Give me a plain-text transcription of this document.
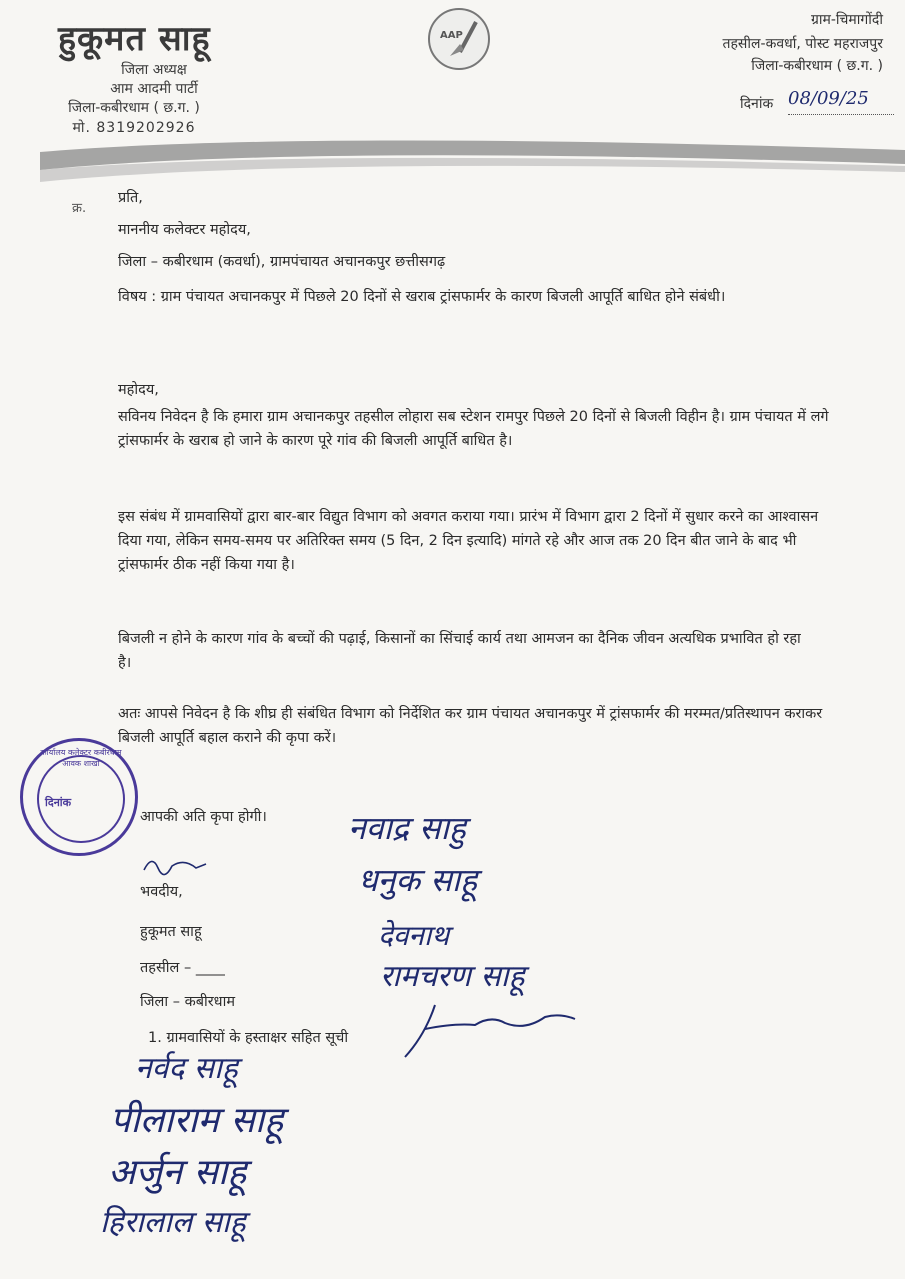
हुकूमत साहू
जिला अध्यक्ष
आम आदमी पार्टी
जिला-कबीरधाम ( छ.ग. )
मो. 8319202926
AAP
ग्राम-चिमागोंदी
तहसील-कवर्धा, पोस्ट महराजपुर
जिला-कबीरधाम ( छ.ग. )
दिनांक 08/09/25
क्र.
प्रति,
माननीय कलेक्टर महोदय,
जिला – कबीरधाम (कवर्धा), ग्रामपंचायत अचानकपुर छत्तीसगढ़
विषय : ग्राम पंचायत अचानकपुर में पिछले 20 दिनों से खराब ट्रांसफार्मर के कारण बिजली आपूर्ति बाधित होने संबंधी।
महोदय,
सविनय निवेदन है कि हमारा ग्राम अचानकपुर तहसील लोहारा सब स्टेशन रामपुर पिछले 20 दिनों से बिजली विहीन है। ग्राम पंचायत में लगे ट्रांसफार्मर के खराब हो जाने के कारण पूरे गांव की बिजली आपूर्ति बाधित है।
इस संबंध में ग्रामवासियों द्वारा बार-बार विद्युत विभाग को अवगत कराया गया। प्रारंभ में विभाग द्वारा 2 दिनों में सुधार करने का आश्वासन दिया गया, लेकिन समय-समय पर अतिरिक्त समय (5 दिन, 2 दिन इत्यादि) मांगते रहे और आज तक 20 दिन बीत जाने के बाद भी ट्रांसफार्मर ठीक नहीं किया गया है।
बिजली न होने के कारण गांव के बच्चों की पढ़ाई, किसानों का सिंचाई कार्य तथा आमजन का दैनिक जीवन अत्यधिक प्रभावित हो रहा है।
अतः आपसे निवेदन है कि शीघ्र ही संबंधित विभाग को निर्देशित कर ग्राम पंचायत अचानकपुर में ट्रांसफार्मर की मरम्मत/प्रतिस्थापन कराकर बिजली आपूर्ति बहाल कराने की कृपा करें।
आपकी अति कृपा होगी।
भवदीय,
हुकूमत साहू
तहसील – ____
जिला – कबीरधाम
1. ग्रामवासियों के हस्ताक्षर सहित सूची
कार्यालय कलेक्टर कबीरधाम आवक शाखा
दिनांक
नवाद्र साहु
धनुक साहू
देवनाथ
रामचरण साहू
नर्वद साहू
पीलाराम साहू
अर्जुन साहू
हिरालाल साहू
